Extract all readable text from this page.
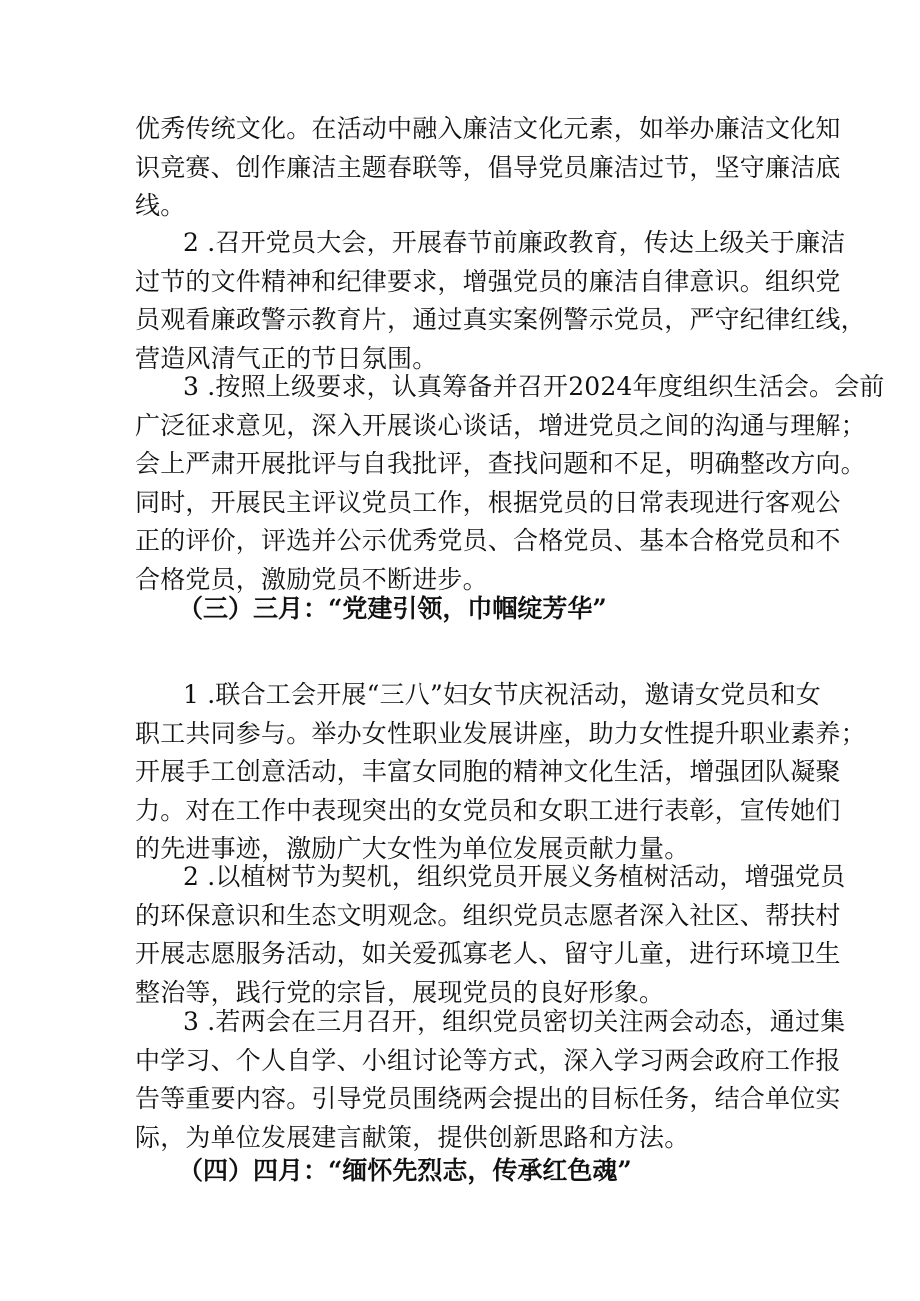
优秀传统文化。在活动中融入廉洁文化元素，如举办廉洁文化知
识竞赛、创作廉洁主题春联等，倡导党员廉洁过节，坚守廉洁底
线。
2 .召开党员大会，开展春节前廉政教育，传达上级关于廉洁
过节的文件精神和纪律要求，增强党员的廉洁自律意识。组织党
员观看廉政警示教育片，通过真实案例警示党员，严守纪律红线，
营造风清气正的节日氛围。
3 .按照上级要求，认真筹备并召开2024年度组织生活会。会前
广泛征求意见，深入开展谈心谈话，增进党员之间的沟通与理解；
会上严肃开展批评与自我批评，查找问题和不足，明确整改方向。
同时，开展民主评议党员工作，根据党员的日常表现进行客观公
正的评价，评选并公示优秀党员、合格党员、基本合格党员和不
合格党员，激励党员不断进步。
（三）三月：“党建引领，巾帼绽芳华”
1 .联合工会开展“三八”妇女节庆祝活动，邀请女党员和女
职工共同参与。举办女性职业发展讲座，助力女性提升职业素养；
开展手工创意活动，丰富女同胞的精神文化生活，增强团队凝聚
力。对在工作中表现突出的女党员和女职工进行表彰，宣传她们
的先进事迹，激励广大女性为单位发展贡献力量。
2 .以植树节为契机，组织党员开展义务植树活动，增强党员
的环保意识和生态文明观念。组织党员志愿者深入社区、帮扶村
开展志愿服务活动，如关爱孤寡老人、留守儿童，进行环境卫生
整治等，践行党的宗旨，展现党员的良好形象。
3 .若两会在三月召开，组织党员密切关注两会动态，通过集
中学习、个人自学、小组讨论等方式，深入学习两会政府工作报
告等重要内容。引导党员围绕两会提出的目标任务，结合单位实
际，为单位发展建言献策，提供创新思路和方法。
（四）四月：“缅怀先烈志，传承红色魂”
